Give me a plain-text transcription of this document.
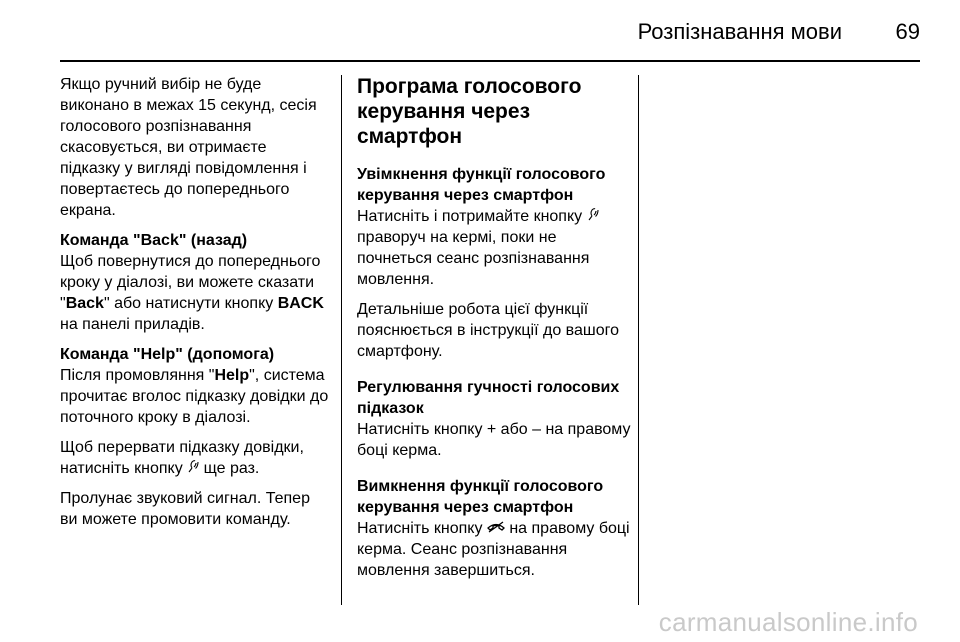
Розпізнавання мови 69

Якщо ручний вибір не буде виконано в межах 15 секунд, сесія голосового розпізнавання скасовується, ви отримаєте підказку у вигляді повідомлення і повертаєтесь до попереднього екрана.

Команда "Back" (назад)

Щоб повернутися до попереднього кроку у діалозі, ви можете сказати "Back" або натиснути кнопку BACK на панелі приладів.

Команда "Help" (допомога)

Після промовляння "Help", система прочитає вголос підказку довідки до поточного кроку в діалозі.

Щоб перервати підказку довідки, натисніть кнопку  ще раз.

Пролунає звуковий сигнал. Тепер ви можете промовити команду.

Програма голосового керування через смартфон

Увімкнення функції голосового керування через смартфон

Натисніть і потримайте кнопку  праворуч на кермі, поки не почнеться сеанс розпізнавання мовлення.

Детальніше робота цієї функції пояснюється в інструкції до вашого смартфону.

Регулювання гучності голосових підказок

Натисніть кнопку + або – на правому боці керма.

Вимкнення функції голосового керування через смартфон

Натисніть кнопку  на правому боці керма. Сеанс розпізнавання мовлення завершиться.

carmanualsonline.info
